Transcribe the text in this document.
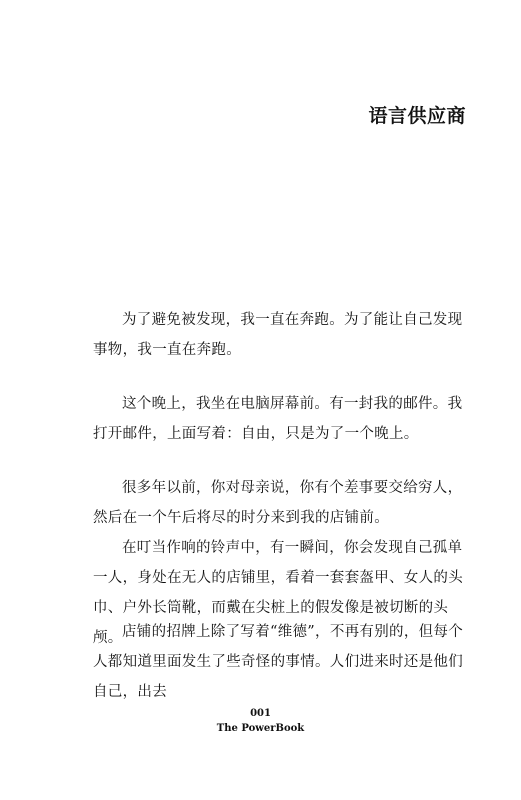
语言供应商

为了避免被发现，我一直在奔跑。为了能让自己发现事物，我一直在奔跑。

这个晚上，我坐在电脑屏幕前。有一封我的邮件。我打开邮件，上面写着：自由，只是为了一个晚上。

很多年以前，你对母亲说，你有个差事要交给穷人，然后在一个午后将尽的时分来到我的店铺前。

在叮当作响的铃声中，有一瞬间，你会发现自己孤单一人，身处在无人的店铺里，看着一套套盔甲、女人的头巾、户外长筒靴，而戴在尖桩上的假发像是被切断的头颅。 店铺的招牌上除了写着“维德”，不再有别的，但每个人都知道里面发生了些奇怪的事情。人们进来时还是他们自己，出去

001
The PowerBook
